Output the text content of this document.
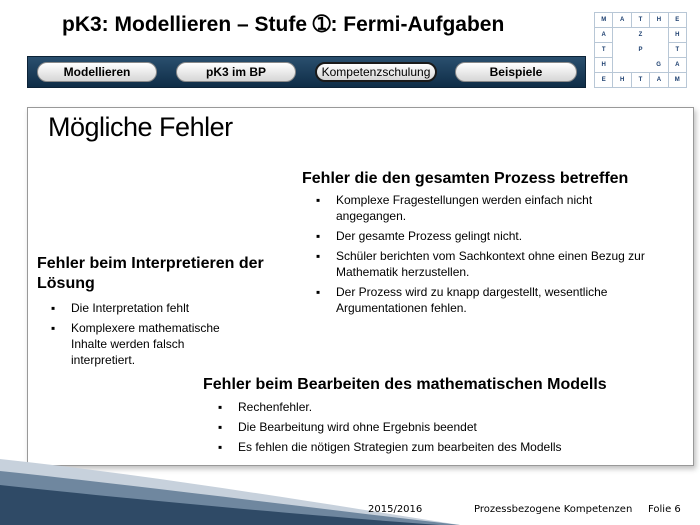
pK3: Modellieren – Stufe ➀: Fermi-Aufgaben
Modellieren	pK3 im BP	Kompetenzschulung	Beispiele
M	A	T	H	E
A		Z		H
T		P		T
H			G	A
E	H	T	A	M
Mögliche Fehler
Fehler die den gesamten Prozess betreffen
▪ Komplexe Fragestellungen werden einfach nicht angegangen.
▪ Der gesamte Prozess gelingt nicht.
▪ Schüler berichten vom Sachkontext ohne einen Bezug zur Mathematik herzustellen.
▪ Der Prozess wird zu knapp dargestellt, wesentliche Argumentationen fehlen.
Fehler beim Interpretieren der Lösung
▪ Die Interpretation fehlt
▪ Komplexere mathematische Inhalte werden falsch interpretiert.
Fehler beim Bearbeiten des mathematischen Modells
▪ Rechenfehler.
▪ Die Bearbeitung wird ohne Ergebnis beendet
▪ Es fehlen die nötigen Strategien zum bearbeiten des Modells
2015/2016	Prozessbezogene Kompetenzen Folie 6
